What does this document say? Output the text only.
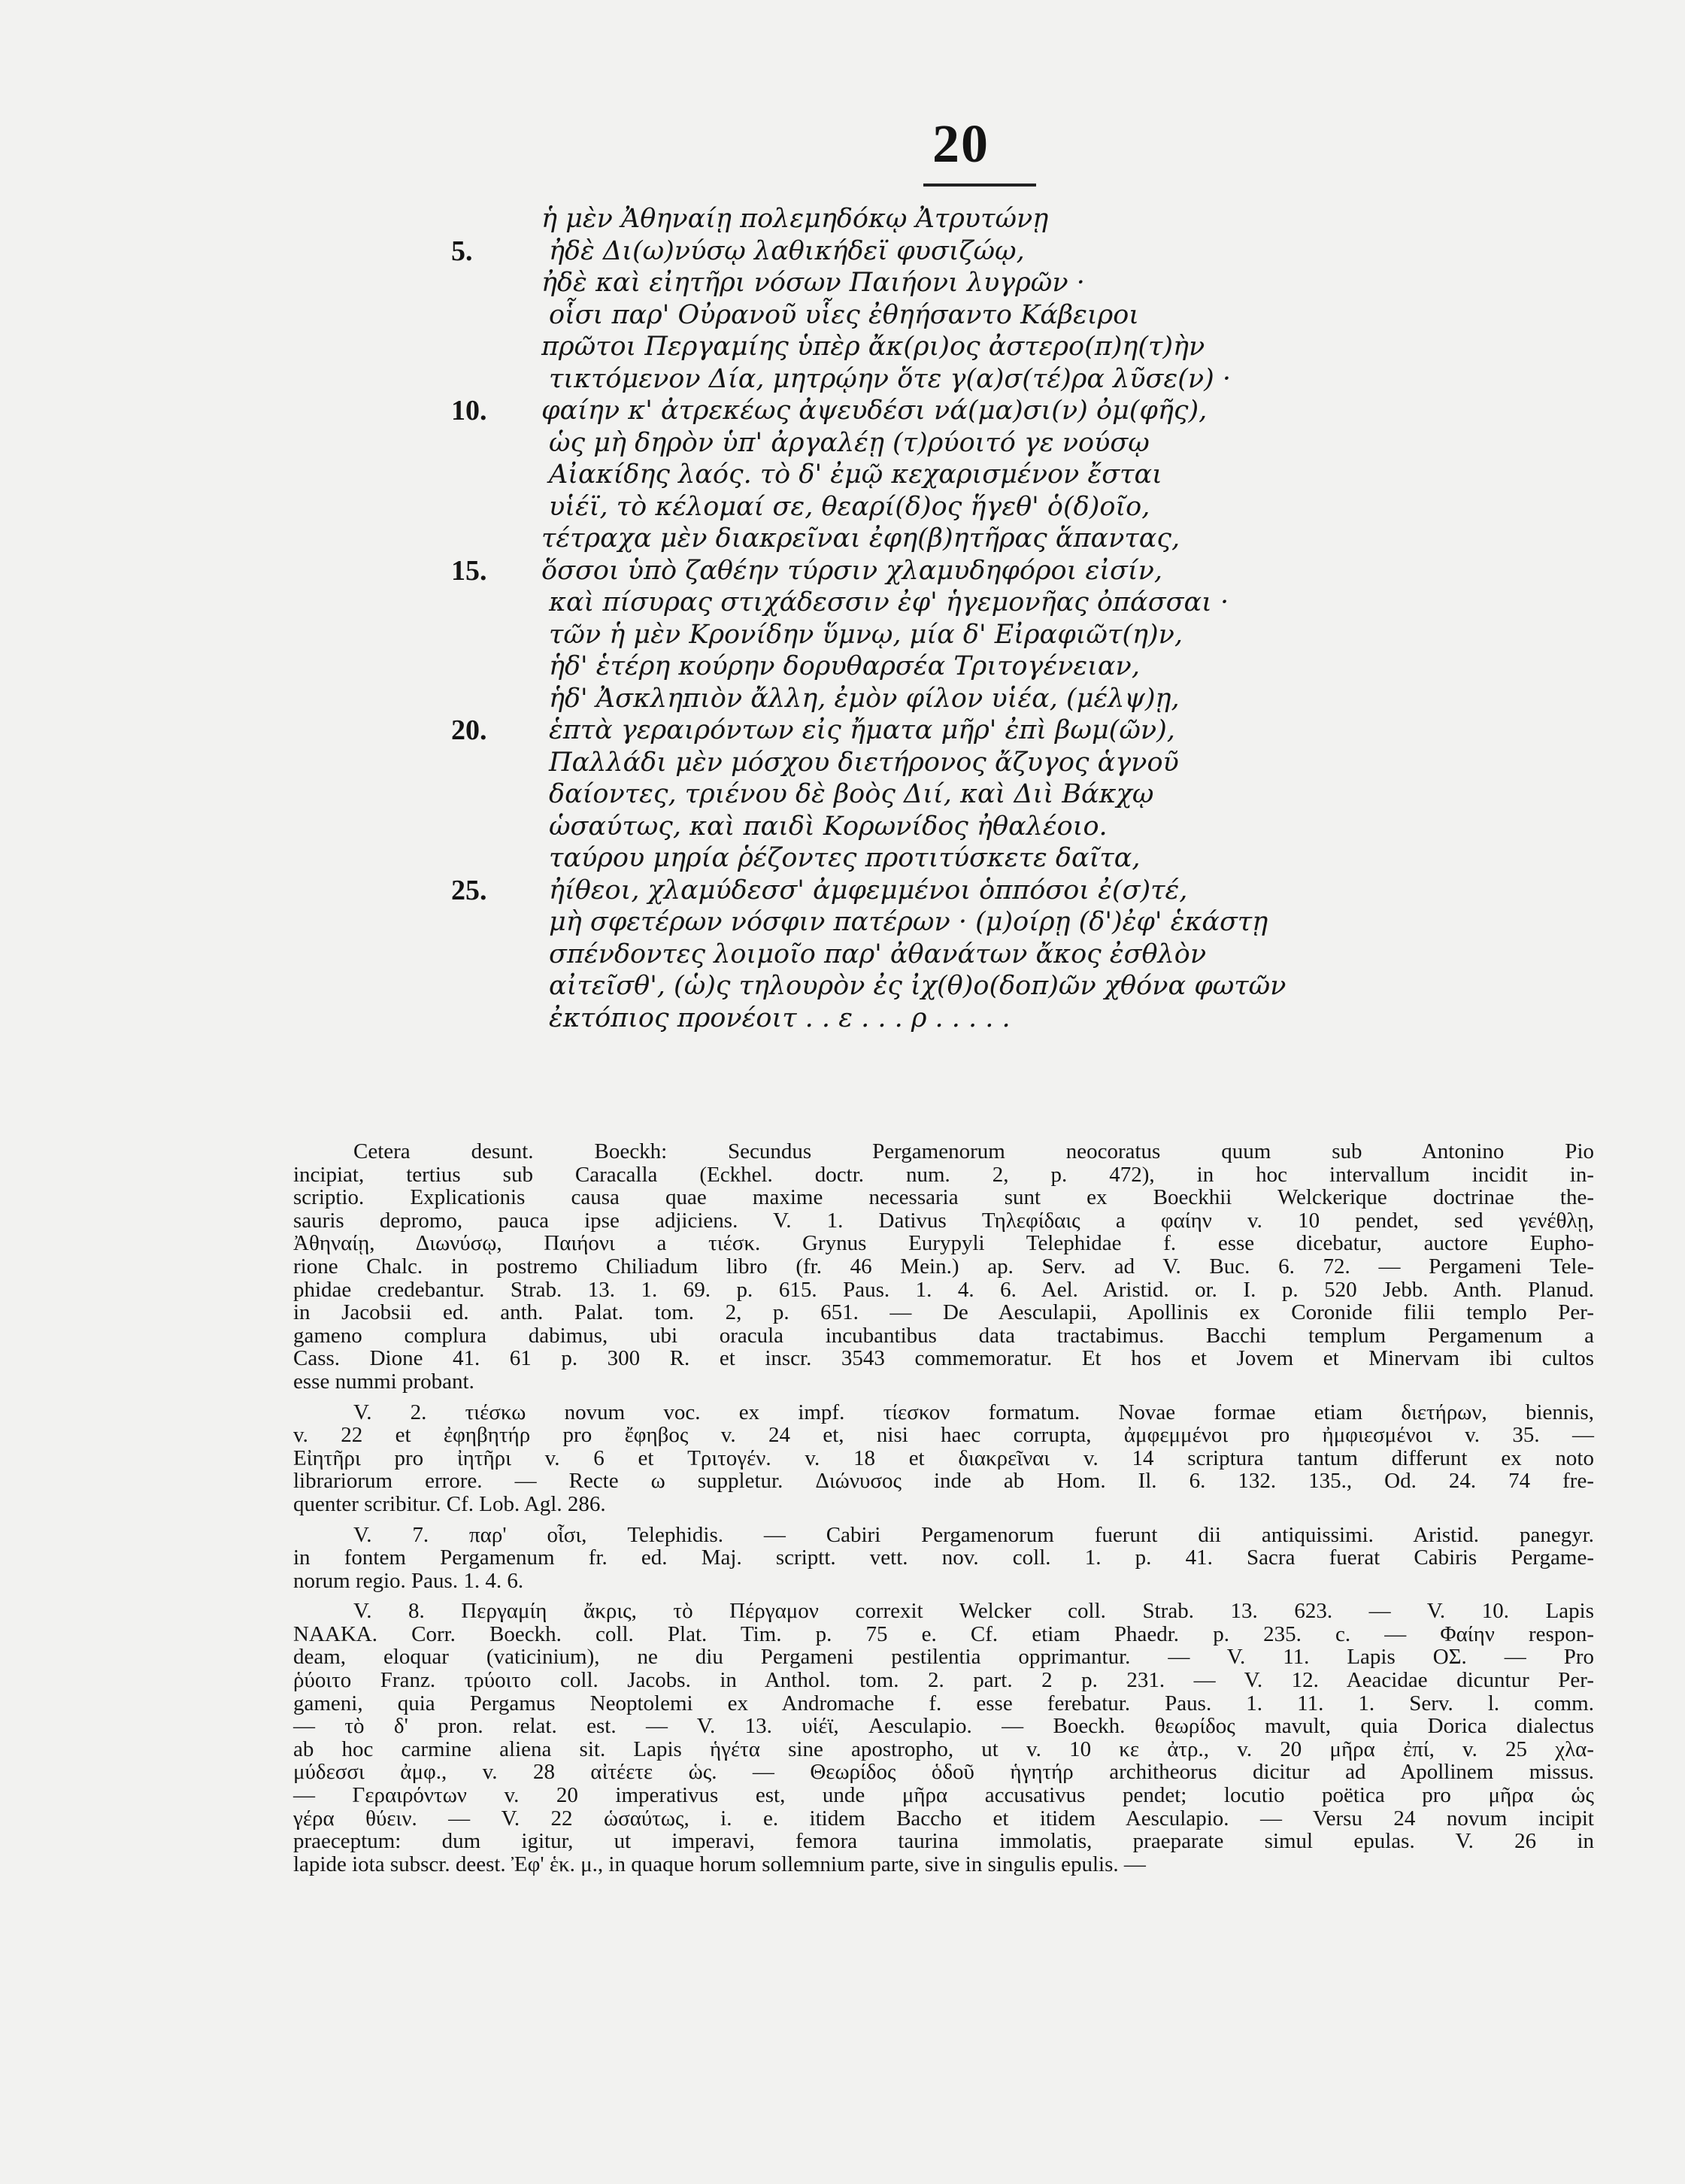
20
ἡ μὲν Ἀθηναίῃ πολεμηδόκῳ Ἀτρυτώνῃ
5.	ἠδὲ Δι(ω)νύσῳ λαθικήδεϊ φυσιζώῳ,
ἠδὲ καὶ εἰητῆρι νόσων Παιήονι λυγρῶν ·
οἷσι παρ' Οὐρανοῦ υἷες ἐθηήσαντο Κάβειροι
πρῶτοι Περγαμίης ὑπὲρ ἄκ(ρι)ος ἀστερο(π)η(τ)ὴν
τικτόμενον Δία, μητρῴην ὅτε γ(α)σ(τέ)ρα λῦσε(ν) ·
10. φαίην κ' ἀτρεκέως ἀψευδέσι νά(μα)σι(ν) ὀμ(φῆς),
ὡς μὴ δηρὸν ὑπ' ἀργαλέῃ (τ)ρύοιτό γε νούσῳ
Αἰακίδης λαός. τὸ δ' ἐμῷ κεχαρισμένον ἔσται
υἱέϊ, τὸ κέλομαί σε, θεαρί(δ)ος ἥγεθ' ὁ(δ)οῖο,
τέτραχα μὲν διακρεῖναι ἐφη(β)ητῆρας ἅπαντας,
15. ὅσσοι ὑπὸ ζαθέην τύρσιν χλαμυδηφόροι εἰσίν,
καὶ πίσυρας στιχάδεσσιν ἐφ' ἡγεμονῆας ὀπάσσαι ·
τῶν ἡ μὲν Κρονίδην ὕμνῳ, μία δ' Εἰραφιῶτ(η)ν,
ἡδ' ἑτέρη κούρην δορυθαρσέα Τριτογένειαν,
ἡδ' Ἀσκληπιὸν ἄλλη, ἐμὸν φίλον υἱέα, (μέλψ)ῃ,
20. ἑπτὰ γεραιρόντων εἰς ἤματα μῆρ' ἐπὶ βωμ(ῶν),
Παλλάδι μὲν μόσχου διετήρονος ἄζυγος ἁγνοῦ
δαίοντες, τριένου δὲ βοὸς Διί, καὶ Διὶ Βάκχῳ
ὡσαύτως, καὶ παιδὶ Κορωνίδος ἠθαλέοιο.
ταύρου μηρία ῥέζοντες προτιτύσκετε δαῖτα,
25. ἠίθεοι, χλαμύδεσσ' ἀμφεμμένοι ὁππόσοι ἐ(σ)τέ,
μὴ σφετέρων νόσφιν πατέρων · (μ)οίρῃ (δ')ἐφ' ἑκάστῃ
σπένδοντες λοιμοῖο παρ' ἀθανάτων ἄκος ἐσθλὸν
αἰτεῖσθ', (ὡ)ς τηλουρὸν ἐς ἰχ(θ)ο(δοπ)ῶν χθόνα φωτῶν
ἐκτόπιος προνέοιτ . . ε . . . ρ . . . . .
Cetera desunt. Boeckh: Secundus Pergamenorum neocoratus quum sub Antonino Pio
incipiat, tertius sub Caracalla (Eckhel. doctr. num. 2, p. 472), in hoc intervallum incidit in-
scriptio. Explicationis causa quae maxime necessaria sunt ex Boeckhii Welckerique doctrinae the-
sauris depromo, pauca ipse adjiciens. V. 1. Dativus Τηλεφίδαις a φαίην v. 10 pendet, sed γενέθλῃ,
Ἀθηναίῃ, Διωνύσῳ, Παιήονι a τιέσκ. Grynus Eurypyli Telephidae f. esse dicebatur, auctore Eupho-
rione Chalc. in postremo Chiliadum libro (fr. 46 Mein.) ap. Serv. ad V. Buc. 6. 72. — Pergameni Tele-
phidae credebantur. Strab. 13. 1. 69. p. 615. Paus. 1. 4. 6. Ael. Aristid. or. I. p. 520 Jebb. Anth. Planud.
in Jacobsii ed. anth. Palat. tom. 2, p. 651. — De Aesculapii, Apollinis ex Coronide filii templo Per-
gameno complura dabimus, ubi oracula incubantibus data tractabimus. Bacchi templum Pergamenum a
Cass. Dione 41. 61 p. 300 R. et inscr. 3543 commemoratur. Et hos et Jovem et Minervam ibi cultos
esse nummi probant.
V. 2. τιέσκω novum voc. ex impf. τίεσκον formatum. Novae formae etiam διετήρων, biennis,
v. 22 et ἐφηβητήρ pro ἔφηβος v. 24 et, nisi haec corrupta, ἀμφεμμένοι pro ἠμφιεσμένοι v. 35. —
Εἰητῆρι pro ἰητῆρι v. 6 et Τριτογέν. v. 18 et διακρεῖναι v. 14 scriptura tantum differunt ex noto
librariorum errore. — Recte ω suppletur. Διώνυσος inde ab Hom. Il. 6. 132. 135., Od. 24. 74 fre-
quenter scribitur. Cf. Lob. Agl. 286.
V. 7. παρ' οἷσι, Telephidis. — Cabiri Pergamenorum fuerunt dii antiquissimi. Aristid. panegyr.
in fontem Pergamenum fr. ed. Maj. scriptt. vett. nov. coll. 1. p. 41. Sacra fuerat Cabiris Pergame-
norum regio. Paus. 1. 4. 6.
V. 8. Περγαμίη ἄκρις, τὸ Πέργαμον correxit Welcker coll. Strab. 13. 623. — V. 10. Lapis
ΝΑΑΚΑ. Corr. Boeckh. coll. Plat. Tim. p. 75 e. Cf. etiam Phaedr. p. 235. c. — Φαίην respon-
deam, eloquar (vaticinium), ne diu Pergameni pestilentia opprimantur. — V. 11. Lapis ΟΣ. — Pro
ῥύοιτο Franz. τρύοιτο coll. Jacobs. in Anthol. tom. 2. part. 2 p. 231. — V. 12. Aeacidae dicuntur Per-
gameni, quia Pergamus Neoptolemi ex Andromache f. esse ferebatur. Paus. 1. 11. 1. Serv. l. comm.
— τὸ δ' pron. relat. est. — V. 13. υἱέϊ, Aesculapio. — Boeckh. θεωρίδος mavult, quia Dorica dialectus
ab hoc carmine aliena sit. Lapis ἡγέτα sine apostropho, ut v. 10 κε ἀτρ., v. 20 μῆρα ἐπί, v. 25 χλα-
μύδεσσι ἀμφ., v. 28 αἰτέετε ὡς. — Θεωρίδος ὁδοῦ ἡγητήρ architheorus dicitur ad Apollinem missus.
— Γεραιρόντων v. 20 imperativus est, unde μῆρα accusativus pendet; locutio poëtica pro μῆρα ὡς
γέρα θύειν. — V. 22 ὡσαύτως, i. e. itidem Baccho et itidem Aesculapio. — Versu 24 novum incipit
praeceptum: dum igitur, ut imperavi, femora taurina immolatis, praeparate simul epulas. V. 26 in
lapide iota subscr. deest. Ἐφ' ἑκ. μ., in quaque horum sollemnium parte, sive in singulis epulis. —
